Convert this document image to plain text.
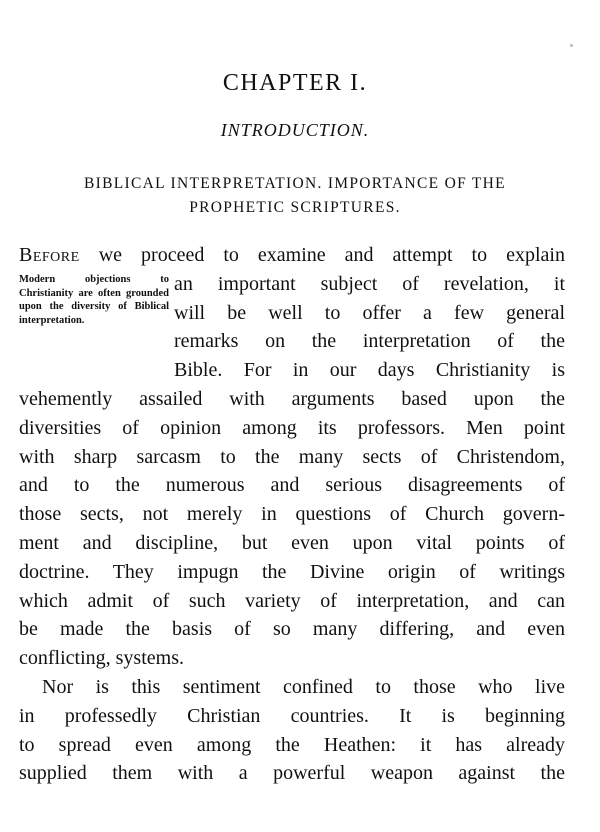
CHAPTER I.
INTRODUCTION.
BIBLICAL INTERPRETATION. IMPORTANCE OF THE
PROPHETIC SCRIPTURES.
Modern objections to Christianity are often grounded upon the diversity of Biblical interpretation.
Before we proceed to examine and attempt to explain
an important subject of revelation, it
will be well to offer a few general
remarks on the interpretation of the
Bible. For in our days Christianity is
vehemently assailed with arguments based upon the
diversities of opinion among its professors. Men point
with sharp sarcasm to the many sects of Christendom,
and to the numerous and serious disagreements of
those sects, not merely in questions of Church govern-
ment and discipline, but even upon vital points of
doctrine. They impugn the Divine origin of writings
which admit of such variety of interpretation, and can
be made the basis of so many differing, and even
conflicting, systems.
Nor is this sentiment confined to those who live
in professedly Christian countries. It is beginning
to spread even among the Heathen: it has already
supplied them with a powerful weapon against the
